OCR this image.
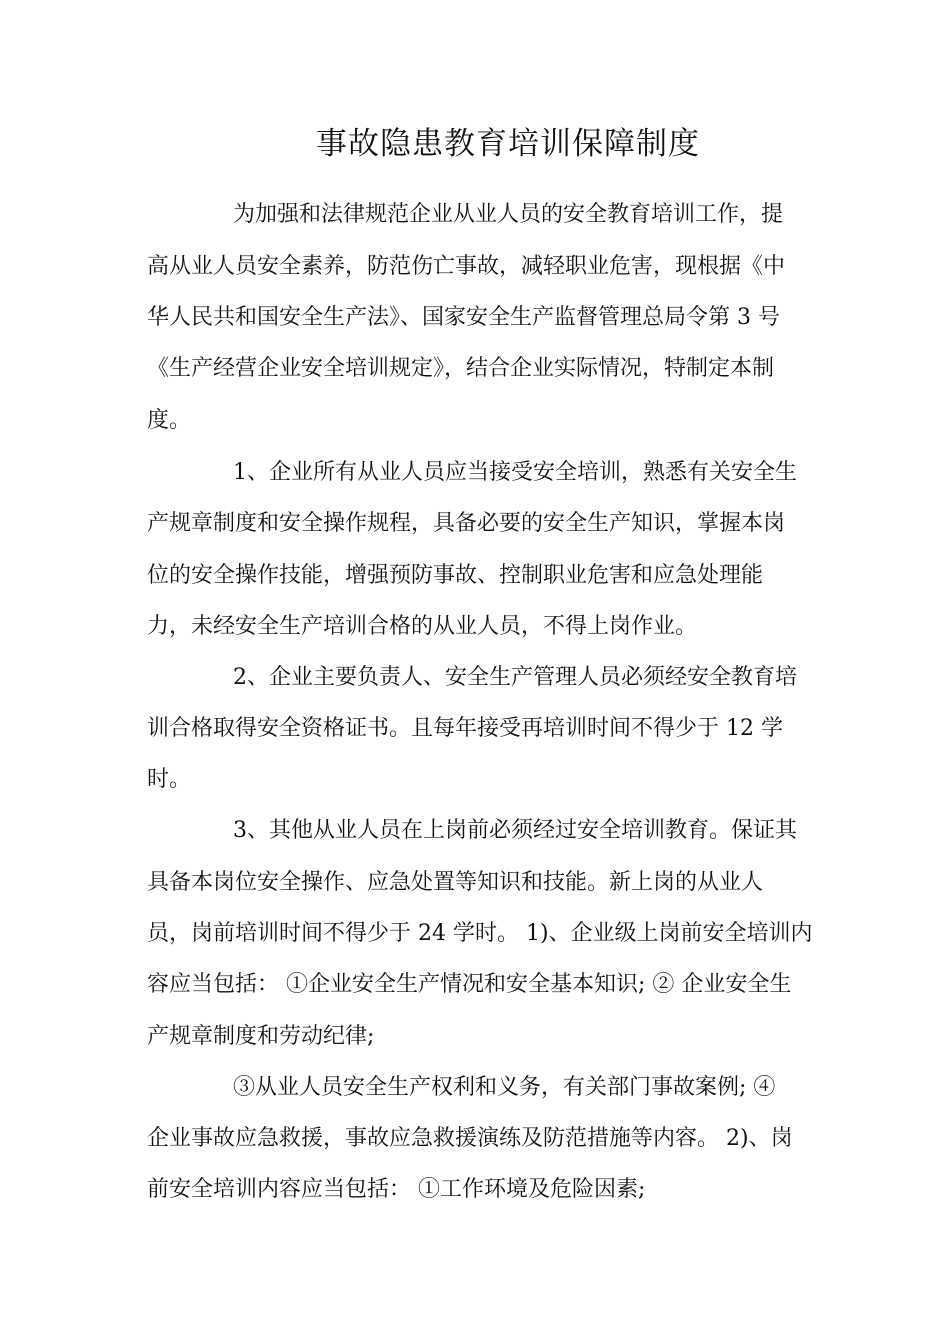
事故隐患教育培训保障制度

为加强和法律规范企业从业人员的安全教育培训工作，提

高从业人员安全素养，防范伤亡事故，减轻职业危害，现根据《中

华人民共和国安全生产法》、国家安全生产监督管理总局令第 3 号

《生产经营企业安全培训规定》，结合企业实际情况，特制定本制

度。

1、企业所有从业人员应当接受安全培训，熟悉有关安全生

产规章制度和安全操作规程，具备必要的安全生产知识，掌握本岗

位的安全操作技能，增强预防事故、控制职业危害和应急处理能

力，未经安全生产培训合格的从业人员，不得上岗作业。

2、企业主要负责人、安全生产管理人员必须经安全教育培

训合格取得安全资格证书。且每年接受再培训时间不得少于 12 学

时。

3、其他从业人员在上岗前必须经过安全培训教育。保证其

具备本岗位安全操作、应急处置等知识和技能。新上岗的从业人

员，岗前培训时间不得少于 24 学时。 1)、企业级上岗前安全培训内

容应当包括： ①企业安全生产情况和安全基本知识; ② 企业安全生

产规章制度和劳动纪律;

③从业人员安全生产权利和义务，有关部门事故案例; ④

企业事故应急救援，事故应急救援演练及防范措施等内容。 2)、岗

前安全培训内容应当包括： ①工作环境及危险因素;
